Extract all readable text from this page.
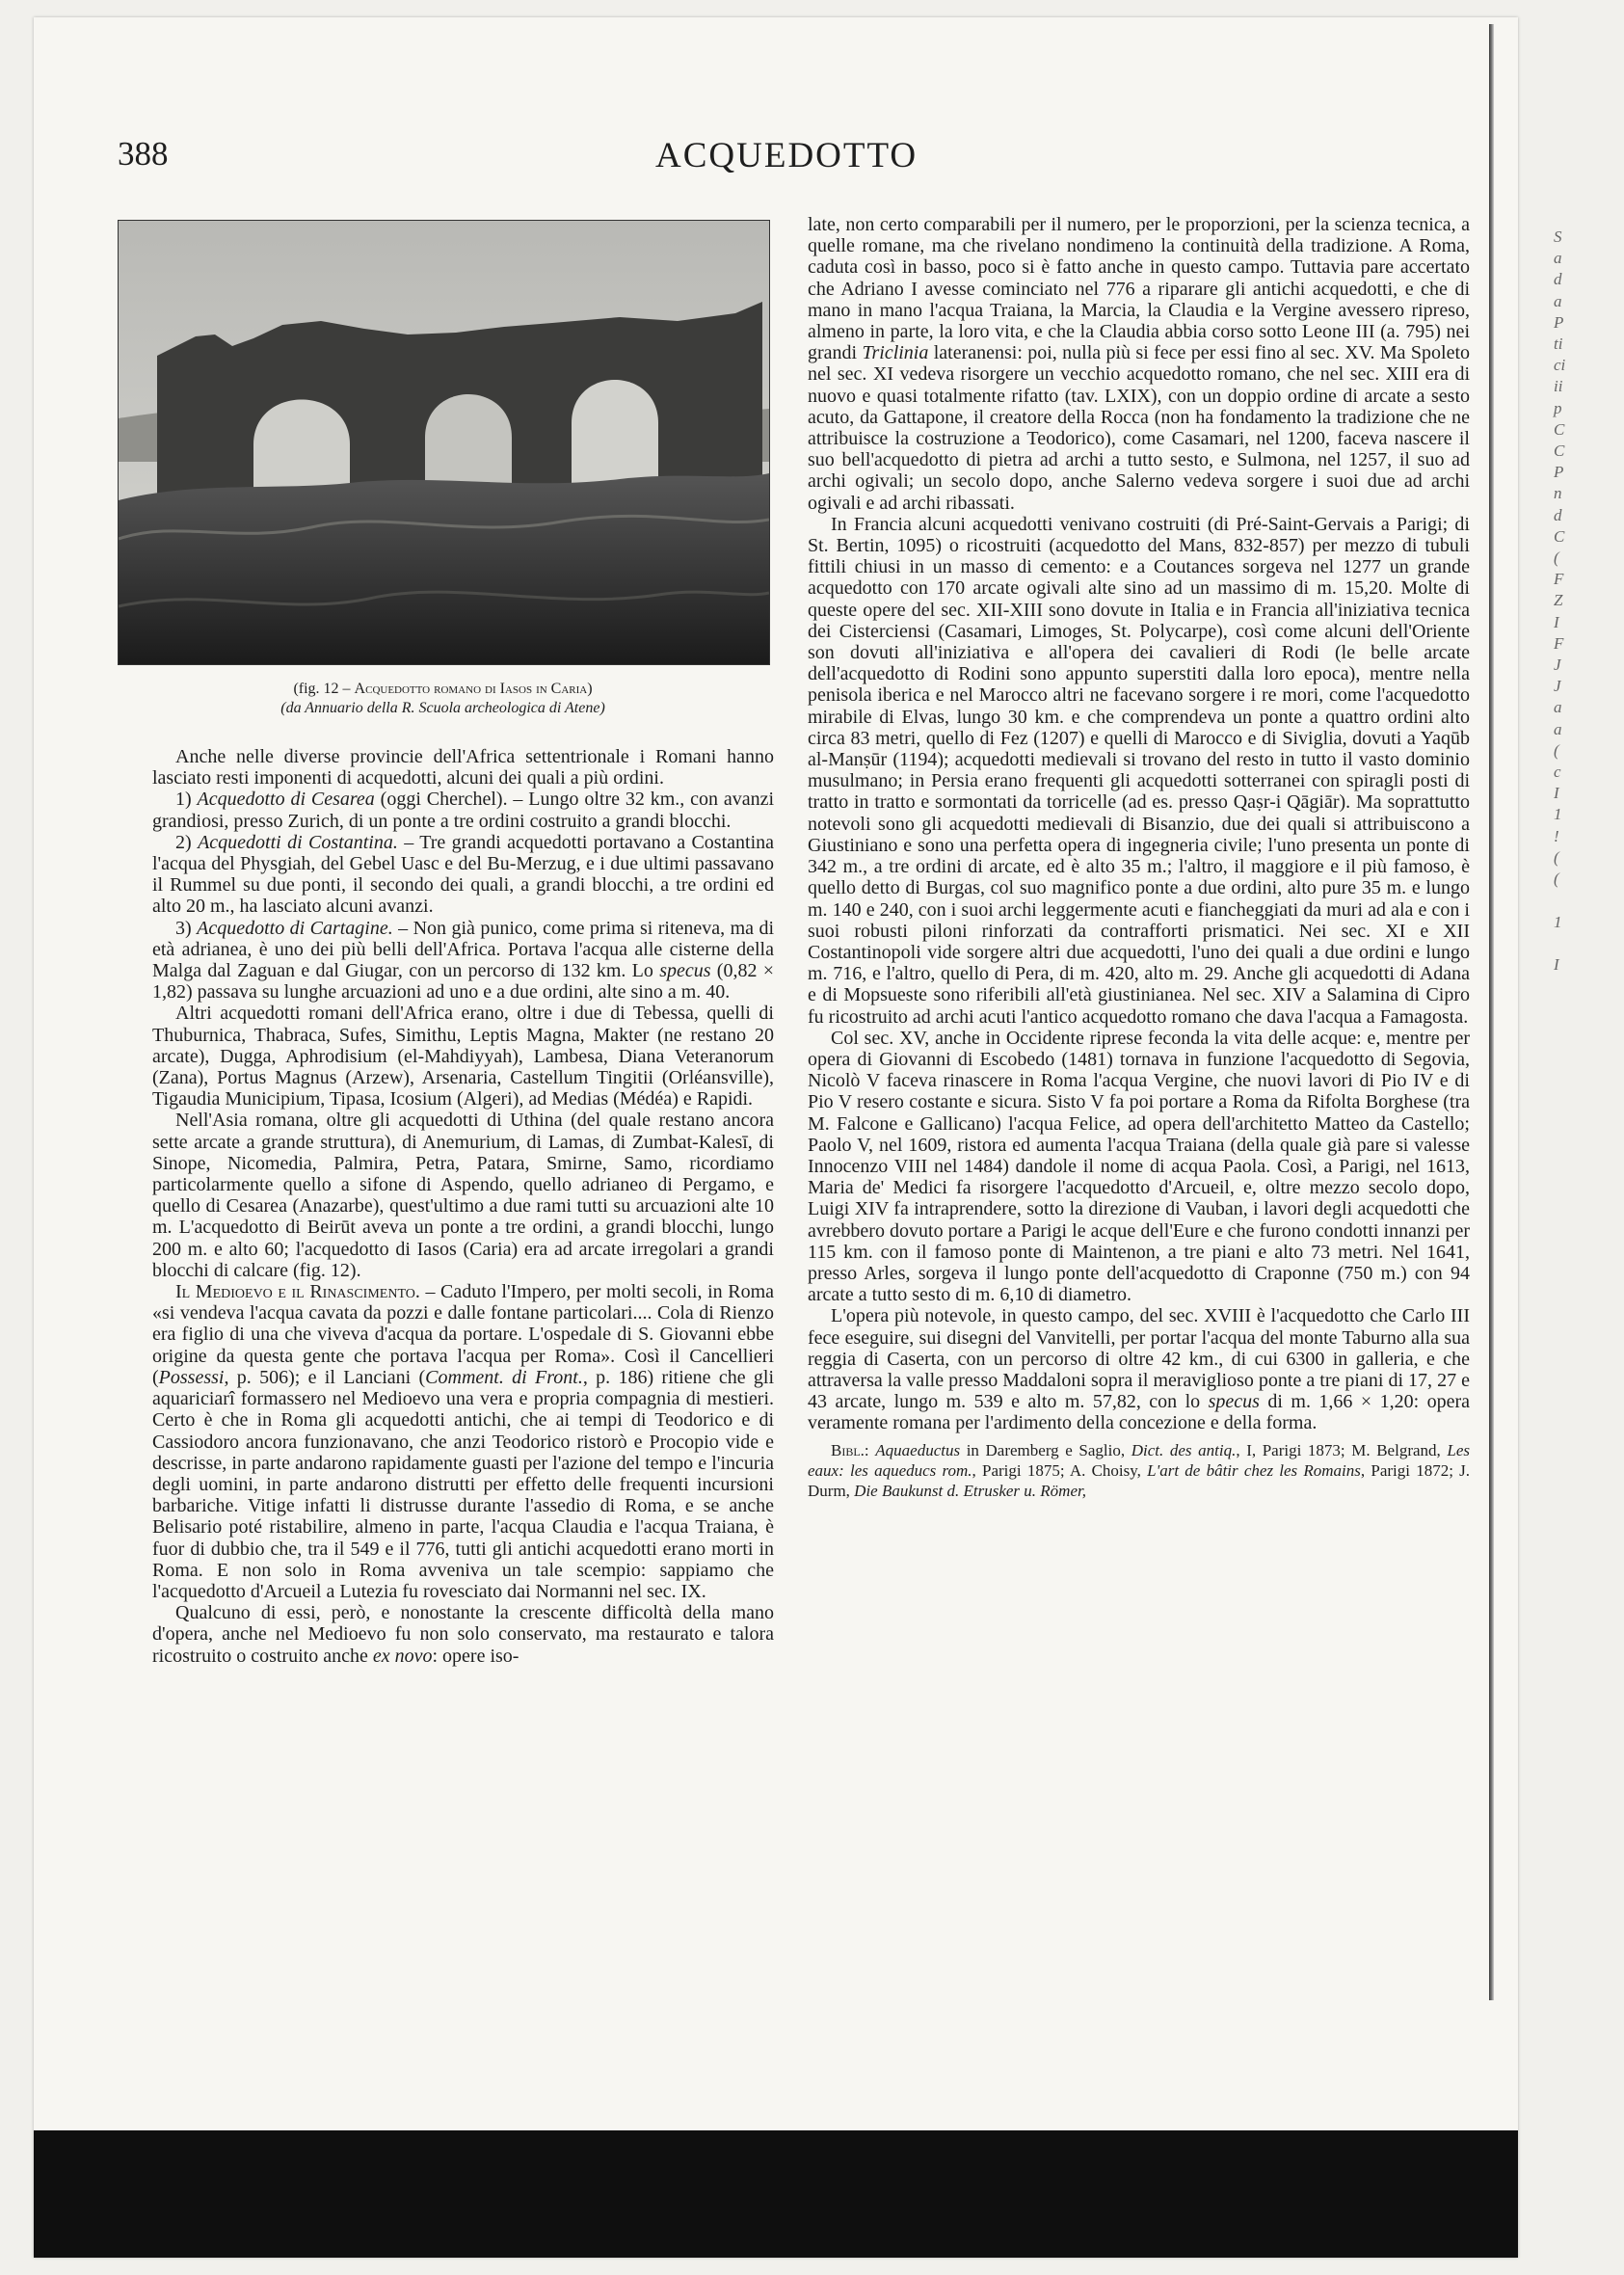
S
a
d
a
P
ti
ci
ii
p
C
C
P
n
d
C
(
F
Z
I
F
J
J
a
a
(
c
I
1
!
(
(

1

I
388	ACQUEDOTTO
(fig. 12 – Acquedotto romano di Iasos in Caria)
(da Annuario della R. Scuola archeologica di Atene)

Anche nelle diverse provincie dell'Africa settentrionale i Romani hanno lasciato resti imponenti di acquedotti, alcuni dei quali a più ordini.

1) Acquedotto di Cesarea (oggi Cherchel). – Lungo oltre 32 km., con avanzi grandiosi, presso Zurich, di un ponte a tre ordini costruito a grandi blocchi.

2) Acquedotti di Costantina. – Tre grandi acquedotti portavano a Costantina l'acqua del Physgiah, del Gebel Uasc e del Bu-Merzug, e i due ultimi passavano il Rummel su due ponti, il secondo dei quali, a grandi blocchi, a tre ordini ed alto 20 m., ha lasciato alcuni avanzi.

3) Acquedotto di Cartagine. – Non già punico, come prima si riteneva, ma di età adrianea, è uno dei più belli dell'Africa. Portava l'acqua alle cisterne della Malga dal Zaguan e dal Giugar, con un percorso di 132 km. Lo specus (0,82 × 1,82) passava su lunghe arcuazioni ad uno e a due ordini, alte sino a m. 40.

Altri acquedotti romani dell'Africa erano, oltre i due di Tebessa, quelli di Thuburnica, Thabraca, Sufes, Simithu, Leptis Magna, Makter (ne restano 20 arcate), Dugga, Aphrodisium (el-Mahdiyyah), Lambesa, Diana Veteranorum (Zana), Portus Magnus (Arzew), Arsenaria, Castellum Tingitii (Orléansville), Tigaudia Municipium, Tipasa, Icosium (Algeri), ad Medias (Médéa) e Rapidi.

Nell'Asia romana, oltre gli acquedotti di Uthina (del quale restano ancora sette arcate a grande struttura), di Anemurium, di Lamas, di Zumbat-Kalesī, di Sinope, Nicomedia, Palmira, Petra, Patara, Smirne, Samo, ricordiamo particolarmente quello a sifone di Aspendo, quello adrianeo di Pergamo, e quello di Cesarea (Anazarbe), quest'ultimo a due rami tutti su arcuazioni alte 10 m. L'acquedotto di Beirūt aveva un ponte a tre ordini, a grandi blocchi, lungo 200 m. e alto 60; l'acquedotto di Iasos (Caria) era ad arcate irregolari a grandi blocchi di calcare (fig. 12).

Il Medioevo e il Rinascimento. – Caduto l'Impero, per molti secoli, in Roma «si vendeva l'acqua cavata da pozzi e dalle fontane particolari.... Cola di Rienzo era figlio di una che viveva d'acqua da portare. L'ospedale di S. Giovanni ebbe origine da questa gente che portava l'acqua per Roma». Così il Cancellieri (Possessi, p. 506); e il Lanciani (Comment. di Front., p. 186) ritiene che gli aquariciarî formassero nel Medioevo una vera e propria compagnia di mestieri. Certo è che in Roma gli acquedotti antichi, che ai tempi di Teodorico e di Cassiodoro ancora funzionavano, che anzi Teodorico ristorò e Procopio vide e descrisse, in parte andarono rapidamente guasti per l'azione del tempo e l'incuria degli uomini, in parte andarono distrutti per effetto delle frequenti incursioni barbariche. Vitige infatti li distrusse durante l'assedio di Roma, e se anche Belisario poté ristabilire, almeno in parte, l'acqua Claudia e l'acqua Traiana, è fuor di dubbio che, tra il 549 e il 776, tutti gli antichi acquedotti erano morti in Roma. E non solo in Roma avveniva un tale scempio: sappiamo che l'acquedotto d'Arcueil a Lutezia fu rovesciato dai Normanni nel sec. IX.

Qualcuno di essi, però, e nonostante la crescente difficoltà della mano d'opera, anche nel Medioevo fu non solo conservato, ma restaurato e talora ricostruito o costruito anche ex novo: opere iso-

late, non certo comparabili per il numero, per le proporzioni, per la scienza tecnica, a quelle romane, ma che rivelano nondimeno la continuità della tradizione. A Roma, caduta così in basso, poco si è fatto anche in questo campo. Tuttavia pare accertato che Adriano I avesse cominciato nel 776 a riparare gli antichi acquedotti, e che di mano in mano l'acqua Traiana, la Marcia, la Claudia e la Vergine avessero ripreso, almeno in parte, la loro vita, e che la Claudia abbia corso sotto Leone III (a. 795) nei grandi Triclinia lateranensi: poi, nulla più si fece per essi fino al sec. XV. Ma Spoleto nel sec. XI vedeva risorgere un vecchio acquedotto romano, che nel sec. XIII era di nuovo e quasi totalmente rifatto (tav. LXIX), con un doppio ordine di arcate a sesto acuto, da Gattapone, il creatore della Rocca (non ha fondamento la tradizione che ne attribuisce la costruzione a Teodorico), come Casamari, nel 1200, faceva nascere il suo bell'acquedotto di pietra ad archi a tutto sesto, e Sulmona, nel 1257, il suo ad archi ogivali; un secolo dopo, anche Salerno vedeva sorgere i suoi due ad archi ogivali e ad archi ribassati.

In Francia alcuni acquedotti venivano costruiti (di Pré-Saint-Gervais a Parigi; di St. Bertin, 1095) o ricostruiti (acquedotto del Mans, 832-857) per mezzo di tubuli fittili chiusi in un masso di cemento: e a Coutances sorgeva nel 1277 un grande acquedotto con 170 arcate ogivali alte sino ad un massimo di m. 15,20. Molte di queste opere del sec. XII-XIII sono dovute in Italia e in Francia all'iniziativa tecnica dei Cisterciensi (Casamari, Limoges, St. Polycarpe), così come alcuni dell'Oriente son dovuti all'iniziativa e all'opera dei cavalieri di Rodi (le belle arcate dell'acquedotto di Rodini sono appunto superstiti dalla loro epoca), mentre nella penisola iberica e nel Marocco altri ne facevano sorgere i re mori, come l'acquedotto mirabile di Elvas, lungo 30 km. e che comprendeva un ponte a quattro ordini alto circa 83 metri, quello di Fez (1207) e quelli di Marocco e di Siviglia, dovuti a Yaqūb al-Manṣūr (1194); acquedotti medievali si trovano del resto in tutto il vasto dominio musulmano; in Persia erano frequenti gli acquedotti sotterranei con spiragli posti di tratto in tratto e sormontati da torricelle (ad es. presso Qaṣr-i Qāgiār). Ma soprattutto notevoli sono gli acquedotti medievali di Bisanzio, due dei quali si attribuiscono a Giustiniano e sono una perfetta opera di ingegneria civile; l'uno presenta un ponte di 342 m., a tre ordini di arcate, ed è alto 35 m.; l'altro, il maggiore e il più famoso, è quello detto di Burgas, col suo magnifico ponte a due ordini, alto pure 35 m. e lungo m. 140 e 240, con i suoi archi leggermente acuti e fiancheggiati da muri ad ala e con i suoi robusti piloni rinforzati da contrafforti prismatici. Nei sec. XI e XII Costantinopoli vide sorgere altri due acquedotti, l'uno dei quali a due ordini e lungo m. 716, e l'altro, quello di Pera, di m. 420, alto m. 29. Anche gli acquedotti di Adana e di Mopsueste sono riferibili all'età giustinianea. Nel sec. XIV a Salamina di Cipro fu ricostruito ad archi acuti l'antico acquedotto romano che dava l'acqua a Famagosta.

Col sec. XV, anche in Occidente riprese feconda la vita delle acque: e, mentre per opera di Giovanni di Escobedo (1481) tornava in funzione l'acquedotto di Segovia, Nicolò V faceva rinascere in Roma l'acqua Vergine, che nuovi lavori di Pio IV e di Pio V resero costante e sicura. Sisto V fa poi portare a Roma da Rifolta Borghese (tra M. Falcone e Gallicano) l'acqua Felice, ad opera dell'architetto Matteo da Castello; Paolo V, nel 1609, ristora ed aumenta l'acqua Traiana (della quale già pare si valesse Innocenzo VIII nel 1484) dandole il nome di acqua Paola. Così, a Parigi, nel 1613, Maria de' Medici fa risorgere l'acquedotto d'Arcueil, e, oltre mezzo secolo dopo, Luigi XIV fa intraprendere, sotto la direzione di Vauban, i lavori degli acquedotti che avrebbero dovuto portare a Parigi le acque dell'Eure e che furono condotti innanzi per 115 km. con il famoso ponte di Maintenon, a tre piani e alto 73 metri. Nel 1641, presso Arles, sorgeva il lungo ponte dell'acquedotto di Craponne (750 m.) con 94 arcate a tutto sesto di m. 6,10 di diametro.

L'opera più notevole, in questo campo, del sec. XVIII è l'acquedotto che Carlo III fece eseguire, sui disegni del Vanvitelli, per portar l'acqua del monte Taburno alla sua reggia di Caserta, con un percorso di oltre 42 km., di cui 6300 in galleria, e che attraversa la valle presso Maddaloni sopra il meraviglioso ponte a tre piani di 17, 27 e 43 arcate, lungo m. 539 e alto m. 57,82, con lo specus di m. 1,66 × 1,20: opera veramente romana per l'ardimento della concezione e della forma.

Bibl.: Aquaeductus in Daremberg e Saglio, Dict. des antiq., I, Parigi 1873; M. Belgrand, Les eaux: les aqueducs rom., Parigi 1875; A. Choisy, L'art de bâtir chez les Romains, Parigi 1872; J. Durm, Die Baukunst d. Etrusker u. Römer,
